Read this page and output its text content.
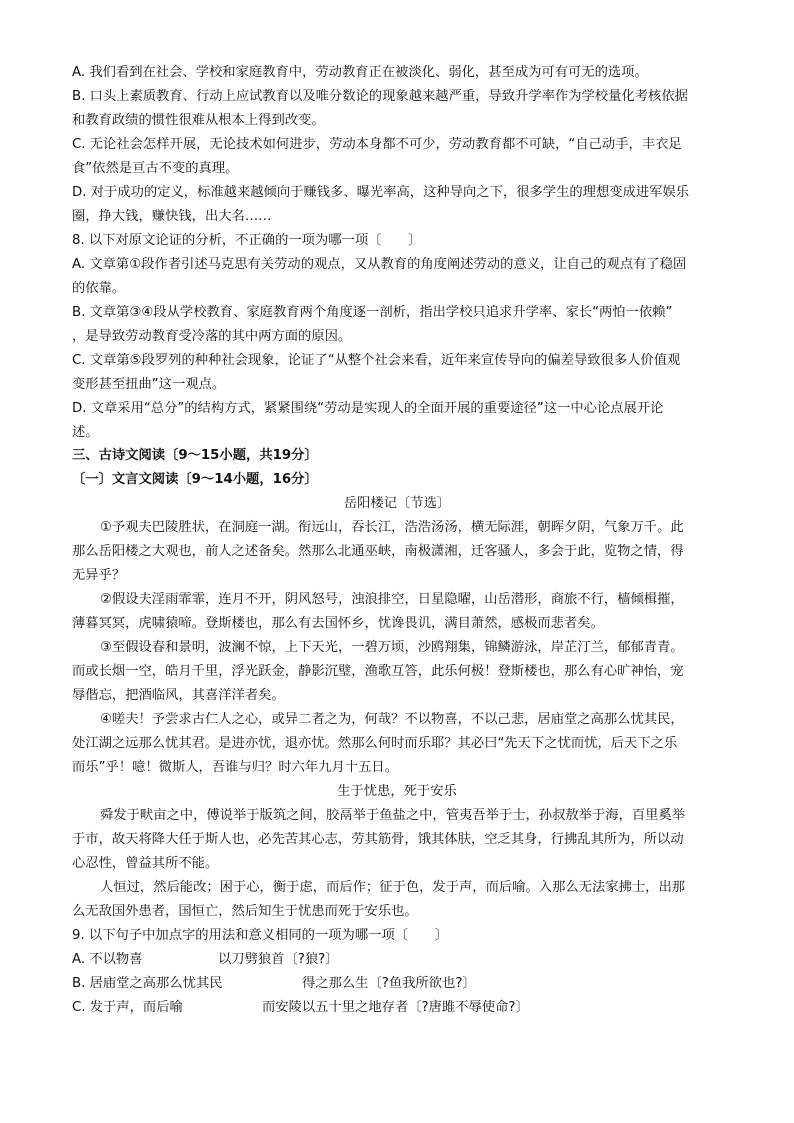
A. 我们看到在社会、学校和家庭教育中，劳动教育正在被淡化、弱化，甚至成为可有可无的选项。
B. 口头上素质教育、行动上应试教育以及唯分数论的现象越来越严重，导致升学率作为学校量化考核依据
和教育政绩的惯性很难从根本上得到改变。
C. 无论社会怎样开展，无论技术如何进步，劳动本身都不可少，劳动教育都不可缺，“自己动手，丰衣足
食”依然是亘古不变的真理。
D. 对于成功的定义，标准越来越倾向于赚钱多、曝光率高，这种导向之下，很多学生的理想变成进军娱乐
圈，挣大钱，赚快钱，出大名……
8. 以下对原文论证的分析，不正确的一项为哪一项〔　　〕
A. 文章第①段作者引述马克思有关劳动的观点，又从教育的角度阐述劳动的意义，让自己的观点有了稳固
的依靠。
B. 文章第③④段从学校教育、家庭教育两个角度逐一剖析，指出学校只追求升学率、家长“两怕一依赖”
，是导致劳动教育受冷落的其中两方面的原因。
C. 文章第⑤段罗列的种种社会现象，论证了“从整个社会来看，近年来宣传导向的偏差导致很多人价值观
变形甚至扭曲”这一观点。
D. 文章采用“总分”的结构方式，紧紧围绕“劳动是实现人的全面开展的重要途径”这一中心论点展开论
述。
三、古诗文阅读〔9～15小题，共19分〕
〔一〕文言文阅读〔9～14小题，16分〕
岳阳楼记〔节选〕
①予观夫巴陵胜状，在洞庭一湖。衔远山，吞长江，浩浩汤汤，横无际涯，朝晖夕阴，气象万千。此
那么岳阳楼之大观也，前人之述备矣。然那么北通巫峡，南极潇湘，迁客骚人，多会于此，览物之情，得
无异乎？
②假设夫淫雨霏霏，连月不开，阴风怒号，浊浪排空，日星隐曜，山岳潜形，商旅不行，樯倾楫摧，
薄暮冥冥，虎啸猿啼。登斯楼也，那么有去国怀乡，忧谗畏讥，满目萧然，感极而悲者矣。
③至假设春和景明，波澜不惊，上下天光，一碧万顷，沙鸥翔集，锦鳞游泳，岸芷汀兰，郁郁青青。
而或长烟一空，皓月千里，浮光跃金，静影沉璧，渔歌互答，此乐何极！登斯楼也，那么有心旷神怡，宠
辱偕忘，把酒临风，其喜洋洋者矣。
④嗟夫！予尝求古仁人之心，或异二者之为，何哉？不以物喜，不以己悲，居庙堂之高那么忧其民，
处江湖之远那么忧其君。是进亦忧，退亦忧。然那么何时而乐耶？其必曰“先天下之忧而忧，后天下之乐
而乐”乎！噫！微斯人，吾谁与归？时六年九月十五日。
生于忧患，死于安乐
舜发于畎亩之中，傅说举于版筑之间，胶鬲举于鱼盐之中，管夷吾举于士，孙叔敖举于海，百里奚举
于市，故天将降大任于斯人也，必先苦其心志，劳其筋骨，饿其体肤，空乏其身，行拂乱其所为，所以动
心忍性，曾益其所不能。
人恒过，然后能改；困于心，衡于虑，而后作；征于色，发于声，而后喻。入那么无法家拂士，出那
么无敌国外患者，国恒亡，然后知生于忧患而死于安乐也。
9. 以下句子中加点字的用法和意义相同的一项为哪一项〔　　〕
A. 不以物喜	以刀劈狼首〔?狼?〕
B. 居庙堂之高那么忧其民	得之那么生〔?鱼我所欲也?〕
C. 发于声，而后喻	而安陵以五十里之地存者〔?唐雎不辱使命?〕
